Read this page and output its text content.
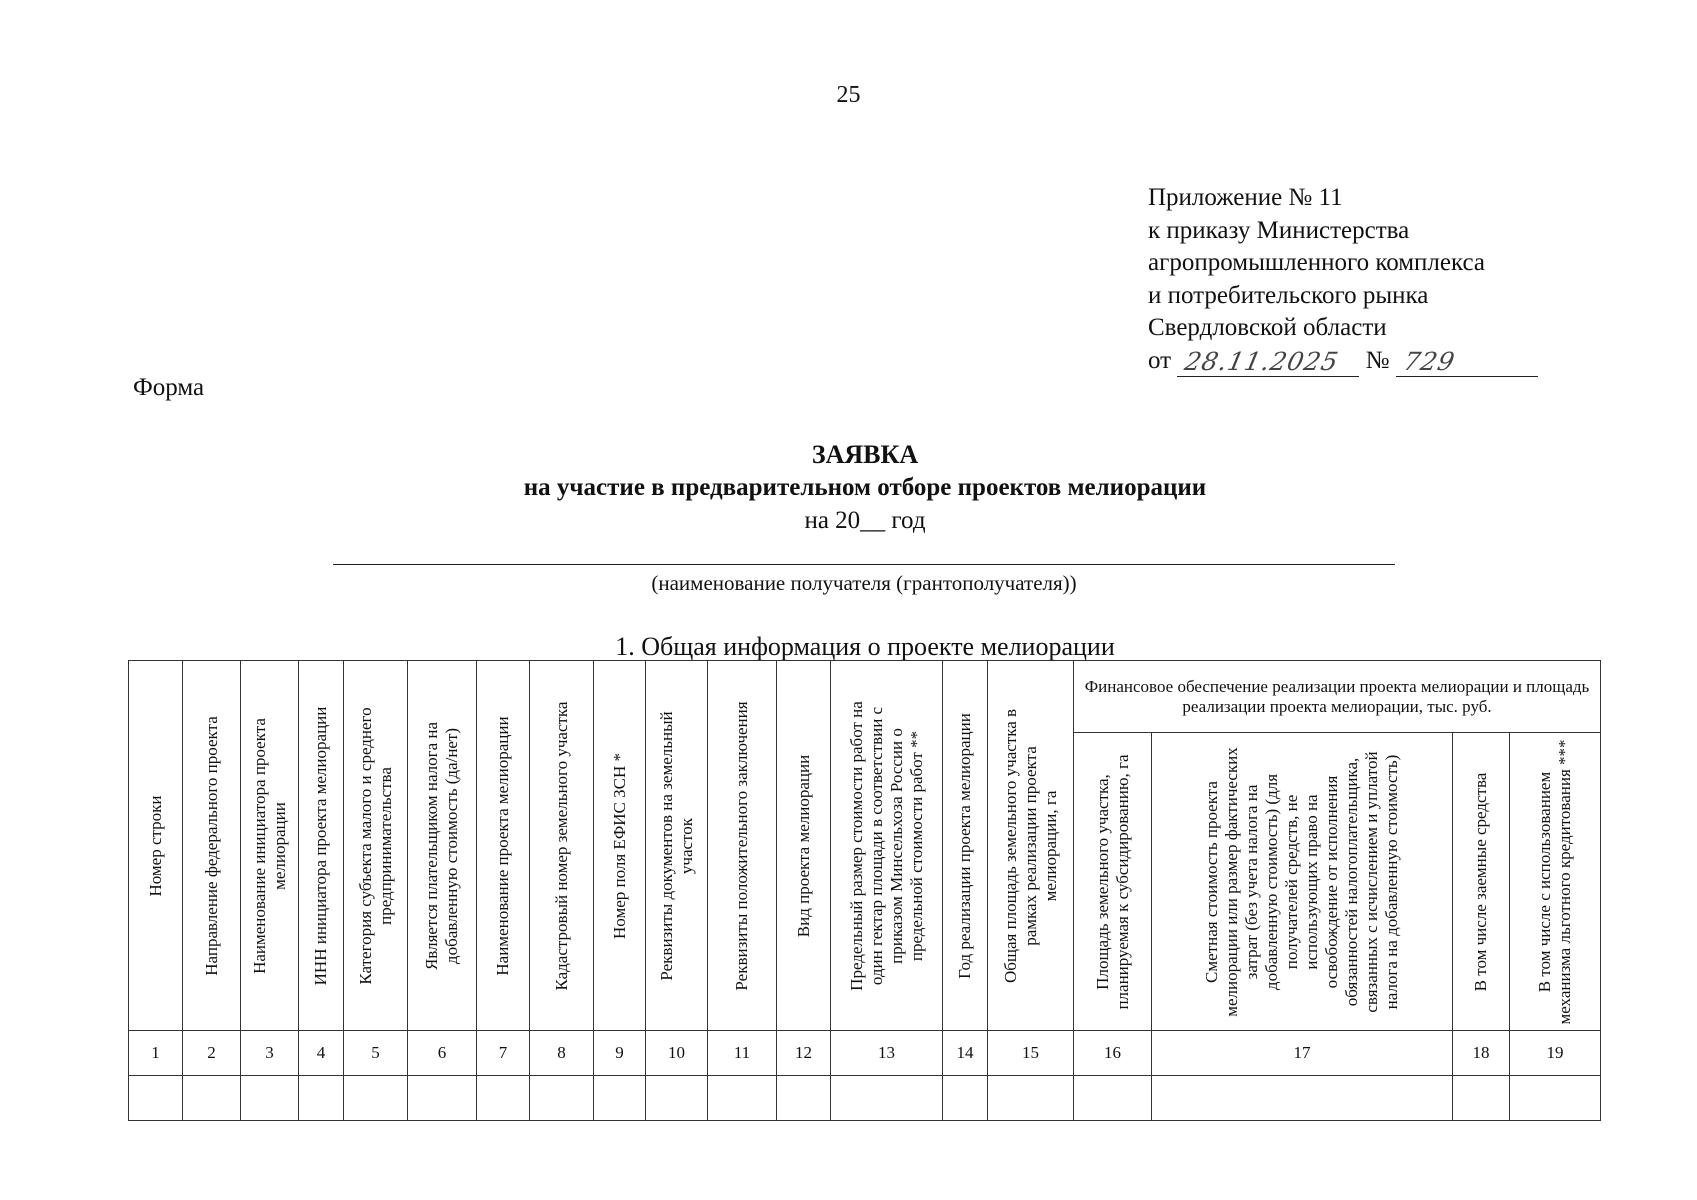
25
Приложение № 11
к приказу Министерства
агропромышленного комплекса
и потребительского рынка
Свердловской области
от 28.11.2025 № 729
Форма
ЗАЯВКА
на участие в предварительном отборе проектов мелиорации
на 20__ год
(наименование получателя (грантополучателя))
1. Общая информация о проекте мелиорации
Номер строки	Направление федерального проекта	Наименование инициатора проекта мелиорации	ИНН инициатора проекта мелиорации	Категория субъекта малого и среднего предпринимательства	Является плательщиком налога на добавленную стоимость (да/нет)	Наименование проекта мелиорации	Кадастровый номер земельного участка	Номер поля ЕФИС ЗСН *	Реквизиты документов на земельный участок	Реквизиты положительного заключения	Вид проекта мелиорации	Предельный размер стоимости работ на один гектар площади в соответствии с приказом Минсельхоза России о предельной стоимости работ **	Год реализации проекта мелиорации	Общая площадь земельного участка в рамках реализации проекта мелиорации, га	Финансовое обеспечение реализации проекта мелиорации и площадь реализации проекта мелиорации, тыс. руб.			

															Площадь земельного участка, планируемая к субсидированию, га	Сметная стоимость проекта мелиорации или размер фактических затрат (без учета налога на добавленную стоимость) (для получателей средств, не использующих право на освобождение от исполнения обязанностей налогоплательщика, связанных с исчислением и уплатой налога на добавленную стоимость)	В том числе заемные средства	В том числе с использованием механизма льготного кредитования ***

1	2	3	4	5	6	7	8	9	10	11	12	13	14	15	16	17	18	19
